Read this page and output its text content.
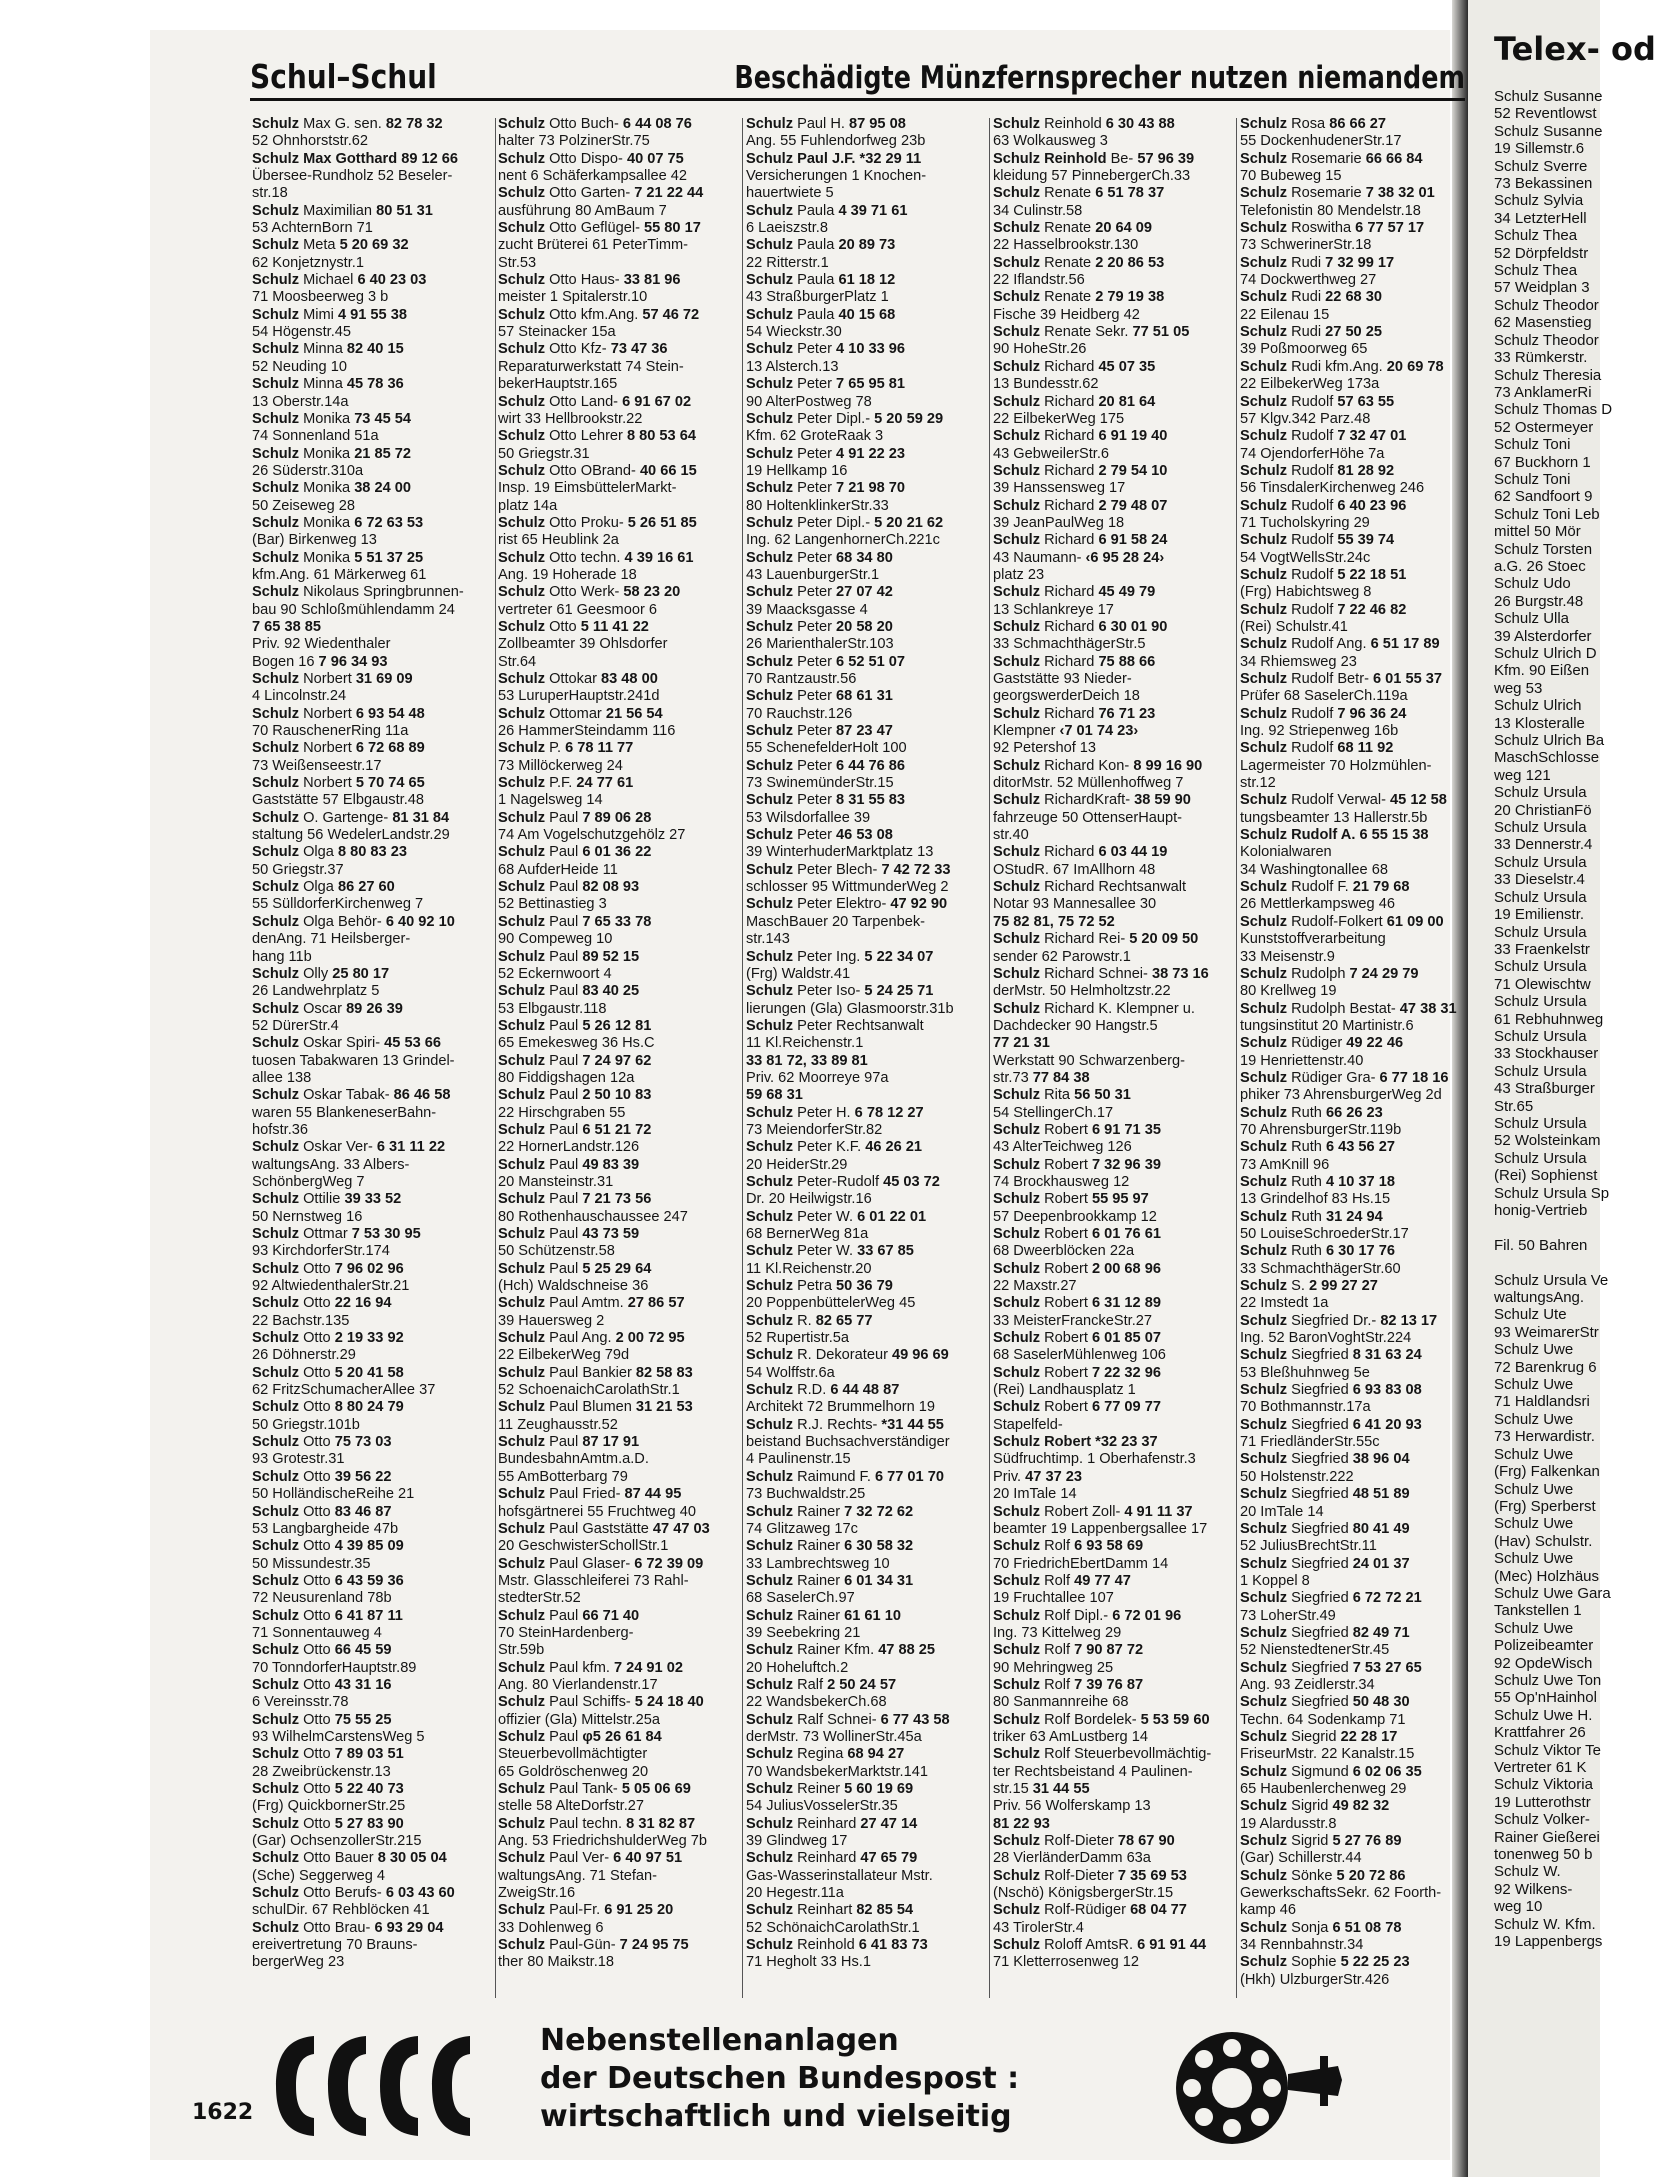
Telex- od
Schulz Susanne
52 Reventlowst
Schulz Susanne
19 Sillemstr.6
Schulz Sverre
73 Bekassinen
Schulz Sylvia
34 LetzterHell
Schulz Thea
52 Dörpfeldstr
Schulz Thea
57 Weidplan 3
Schulz Theodor
62 Masenstieg
Schulz Theodor
33 Rümkerstr.
Schulz Theresia
73 AnklamerRi
Schulz Thomas D
52 Ostermeyer
Schulz Toni
67 Buckhorn 1
Schulz Toni
62 Sandfoort 9
Schulz Toni Leb
mittel 50 Mör
Schulz Torsten
a.G. 26 Stoec
Schulz Udo
26 Burgstr.48
Schulz Ulla
39 Alsterdorfer
Schulz Ulrich D
Kfm. 90 Eißen
weg 53
Schulz Ulrich
13 Klosteralle
Schulz Ulrich Ba
MaschSchlosse
weg 121
Schulz Ursula
20 ChristianFö
Schulz Ursula
33 Dennerstr.4
Schulz Ursula
33 Dieselstr.4
Schulz Ursula
19 Emilienstr.
Schulz Ursula
33 Fraenkelstr
Schulz Ursula
71 Olewischtw
Schulz Ursula
61 Rebhuhnweg
Schulz Ursula
33 Stockhauser
Schulz Ursula
43 Straßburger
Str.65
Schulz Ursula
52 Wolsteinkam
Schulz Ursula
(Rei) Sophienst
Schulz Ursula Sp
honig-Vertrieb

Fil. 50 Bahren

Schulz Ursula Ve
waltungsAng.
Schulz Ute
93 WeimarerStr
Schulz Uwe
72 Barenkrug 6
Schulz Uwe
71 Haldlandsri
Schulz Uwe
73 Herwardistr.
Schulz Uwe
(Frg) Falkenkan
Schulz Uwe
(Frg) Sperberst
Schulz Uwe
(Hav) Schulstr.
Schulz Uwe
(Mec) Holzhäus
Schulz Uwe Gara
Tankstellen 1
Schulz Uwe
Polizeibeamter
92 OpdeWisch
Schulz Uwe Ton
55 Op'nHainhol
Schulz Uwe H.
Krattfahrer 26
Schulz Viktor Te
Vertreter 61 K
Schulz Viktoria
19 Lutterothstr
Schulz Volker-
Rainer Gießerei
tonenweg 50 b
Schulz W.
92 Wilkens-
weg 10
Schulz W. Kfm.
19 Lappenbergs
Schul–Schul	Beschädigte Münzfernsprecher nutzen niemandem
Schulz Max G. sen. 82 78 32
52 Ohnhorststr.62
Schulz Max Gotthard 89 12 66
Übersee-Rundholz 52 Beseler-
str.18
Schulz Maximilian 80 51 31
53 AchternBorn 71
Schulz Meta 5 20 69 32
62 Konjetznystr.1
Schulz Michael 6 40 23 03
71 Moosbeerweg 3 b
Schulz Mimi 4 91 55 38
54 Högenstr.45
Schulz Minna 82 40 15
52 Neuding 10
Schulz Minna 45 78 36
13 Oberstr.14a
Schulz Monika 73 45 54
74 Sonnenland 51a
Schulz Monika 21 85 72
26 Süderstr.310a
Schulz Monika 38 24 00
50 Zeiseweg 28
Schulz Monika 6 72 63 53
(Bar) Birkenweg 13
Schulz Monika 5 51 37 25
kfm.Ang. 61 Märkerweg 61
Schulz Nikolaus Springbrunnen-
bau 90 Schloßmühlendamm 24
7 65 38 85
Priv. 92 Wiedenthaler
Bogen 16 7 96 34 93
Schulz Norbert 31 69 09
4 Lincolnstr.24
Schulz Norbert 6 93 54 48
70 RauschenerRing 11a
Schulz Norbert 6 72 68 89
73 Weißenseestr.17
Schulz Norbert 5 70 74 65
Gaststätte 57 Elbgaustr.48
Schulz O. Gartenge- 81 31 84
staltung 56 WedelerLandstr.29
Schulz Olga 8 80 83 23
50 Griegstr.37
Schulz Olga 86 27 60
55 SülldorferKirchenweg 7
Schulz Olga Behör- 6 40 92 10
denAng. 71 Heilsberger-
hang 11b
Schulz Olly 25 80 17
26 Landwehrplatz 5
Schulz Oscar 89 26 39
52 DürerStr.4
Schulz Oskar Spiri- 45 53 66
tuosen Tabakwaren 13 Grindel-
allee 138
Schulz Oskar Tabak- 86 46 58
waren 55 BlankeneserBahn-
hofstr.36
Schulz Oskar Ver- 6 31 11 22
waltungsAng. 33 Albers-
SchönbergWeg 7
Schulz Ottilie 39 33 52
50 Nernstweg 16
Schulz Ottmar 7 53 30 95
93 KirchdorferStr.174
Schulz Otto 7 96 02 96
92 AltwiedenthalerStr.21
Schulz Otto 22 16 94
22 Bachstr.135
Schulz Otto 2 19 33 92
26 Döhnerstr.29
Schulz Otto 5 20 41 58
62 FritzSchumacherAllee 37
Schulz Otto 8 80 24 79
50 Griegstr.101b
Schulz Otto 75 73 03
93 Grotestr.31
Schulz Otto 39 56 22
50 HolländischeReihe 21
Schulz Otto 83 46 87
53 Langbargheide 47b
Schulz Otto 4 39 85 09
50 Missundestr.35
Schulz Otto 6 43 59 36
72 Neusurenland 78b
Schulz Otto 6 41 87 11
71 Sonnentauweg 4
Schulz Otto 66 45 59
70 TonndorferHauptstr.89
Schulz Otto 43 31 16
6 Vereinsstr.78
Schulz Otto 75 55 25
93 WilhelmCarstensWeg 5
Schulz Otto 7 89 03 51
28 Zweibrückenstr.13
Schulz Otto 5 22 40 73
(Frg) QuickbornerStr.25
Schulz Otto 5 27 83 90
(Gar) OchsenzollerStr.215
Schulz Otto Bauer 8 30 05 04
(Sche) Seggerweg 4
Schulz Otto Berufs- 6 03 43 60
schulDir. 67 Rehblöcken 41
Schulz Otto Brau- 6 93 29 04
ereivertretung 70 Brauns-
bergerWeg 23
Schulz Otto Buch- 6 44 08 76
halter 73 PolzinerStr.75
Schulz Otto Dispo- 40 07 75
nent 6 Schäferkampsallee 42
Schulz Otto Garten- 7 21 22 44
ausführung 80 AmBaum 7
Schulz Otto Geflügel- 55 80 17
zucht Brüterei 61 PeterTimm-
Str.53
Schulz Otto Haus- 33 81 96
meister 1 Spitalerstr.10
Schulz Otto kfm.Ang. 57 46 72
57 Steinacker 15a
Schulz Otto Kfz- 73 47 36
Reparaturwerkstatt 74 Stein-
bekerHauptstr.165
Schulz Otto Land- 6 91 67 02
wirt 33 Hellbrookstr.22
Schulz Otto Lehrer 8 80 53 64
50 Griegstr.31
Schulz Otto OBrand- 40 66 15
Insp. 19 EimsbüttelerMarkt-
platz 14a
Schulz Otto Proku- 5 26 51 85
rist 65 Heublink 2a
Schulz Otto techn. 4 39 16 61
Ang. 19 Hoherade 18
Schulz Otto Werk- 58 23 20
vertreter 61 Geesmoor 6
Schulz Otto 5 11 41 22
Zollbeamter 39 Ohlsdorfer
Str.64
Schulz Ottokar 83 48 00
53 LuruperHauptstr.241d
Schulz Ottomar 21 56 54
26 HammerSteindamm 116
Schulz P. 6 78 11 77
73 Millöckerweg 24
Schulz P.F. 24 77 61
1 Nagelsweg 14
Schulz Paul 7 89 06 28
74 Am Vogelschutzgehölz 27
Schulz Paul 6 01 36 22
68 AufderHeide 11
Schulz Paul 82 08 93
52 Bettinastieg 3
Schulz Paul 7 65 33 78
90 Compeweg 10
Schulz Paul 89 52 15
52 Eckernwoort 4
Schulz Paul 83 40 25
53 Elbgaustr.118
Schulz Paul 5 26 12 81
65 Emekesweg 36 Hs.C
Schulz Paul 7 24 97 62
80 Fiddigshagen 12a
Schulz Paul 2 50 10 83
22 Hirschgraben 55
Schulz Paul 6 51 21 72
22 HornerLandstr.126
Schulz Paul 49 83 39
20 Mansteinstr.31
Schulz Paul 7 21 73 56
80 Rothenhauschaussee 247
Schulz Paul 43 73 59
50 Schützenstr.58
Schulz Paul 5 25 29 64
(Hch) Waldschneise 36
Schulz Paul Amtm. 27 86 57
39 Hauersweg 2
Schulz Paul Ang. 2 00 72 95
22 EilbekerWeg 79d
Schulz Paul Bankier 82 58 83
52 SchoenaichCarolathStr.1
Schulz Paul Blumen 31 21 53
11 Zeughausstr.52
Schulz Paul 87 17 91
BundesbahnAmtm.a.D.
55 AmBotterbarg 79
Schulz Paul Fried- 87 44 95
hofsgärtnerei 55 Fruchtweg 40
Schulz Paul Gaststätte 47 47 03
20 GeschwisterSchollStr.1
Schulz Paul Glaser- 6 72 39 09
Mstr. Glasschleiferei 73 Rahl-
stedterStr.52
Schulz Paul 66 71 40
70 SteinHardenberg-
Str.59b
Schulz Paul kfm. 7 24 91 02
Ang. 80 Vierlandenstr.17
Schulz Paul Schiffs- 5 24 18 40
offizier (Gla) Mittelstr.25a
Schulz Paul φ5 26 61 84
Steuerbevollmächtigter
65 Goldröschenweg 20
Schulz Paul Tank- 5 05 06 69
stelle 58 AlteDorfstr.27
Schulz Paul techn. 8 31 82 87
Ang. 53 FriedrichshulderWeg 7b
Schulz Paul Ver- 6 40 97 51
waltungsAng. 71 Stefan-
ZweigStr.16
Schulz Paul-Fr. 6 91 25 20
33 Dohlenweg 6
Schulz Paul-Gün- 7 24 95 75
ther 80 Maikstr.18
Schulz Paul H. 87 95 08
Ang. 55 Fuhlendorfweg 23b
Schulz Paul J.F. *32 29 11
Versicherungen 1 Knochen-
hauertwiete 5
Schulz Paula 4 39 71 61
6 Laeiszstr.8
Schulz Paula 20 89 73
22 Ritterstr.1
Schulz Paula 61 18 12
43 StraßburgerPlatz 1
Schulz Paula 40 15 68
54 Wieckstr.30
Schulz Peter 4 10 33 96
13 Alsterch.13
Schulz Peter 7 65 95 81
90 AlterPostweg 78
Schulz Peter Dipl.- 5 20 59 29
Kfm. 62 GroteRaak 3
Schulz Peter 4 91 22 23
19 Hellkamp 16
Schulz Peter 7 21 98 70
80 HoltenklinkerStr.33
Schulz Peter Dipl.- 5 20 21 62
Ing. 62 LangenhornerCh.221c
Schulz Peter 68 34 80
43 LauenburgerStr.1
Schulz Peter 27 07 42
39 Maacksgasse 4
Schulz Peter 20 58 20
26 MarienthalerStr.103
Schulz Peter 6 52 51 07
70 Rantzaustr.56
Schulz Peter 68 61 31
70 Rauchstr.126
Schulz Peter 87 23 47
55 SchenefelderHolt 100
Schulz Peter 6 44 76 86
73 SwinemünderStr.15
Schulz Peter 8 31 55 83
53 Wilsdorfallee 39
Schulz Peter 46 53 08
39 WinterhuderMarktplatz 13
Schulz Peter Blech- 7 42 72 33
schlosser 95 WittmunderWeg 2
Schulz Peter Elektro- 47 92 90
MaschBauer 20 Tarpenbek-
str.143
Schulz Peter Ing. 5 22 34 07
(Frg) Waldstr.41
Schulz Peter Iso- 5 24 25 71
lierungen (Gla) Glasmoorstr.31b
Schulz Peter Rechtsanwalt
11 Kl.Reichenstr.1
33 81 72, 33 89 81
Priv. 62 Moorreye 97a
59 68 31
Schulz Peter H. 6 78 12 27
73 MeiendorferStr.82
Schulz Peter K.F. 46 26 21
20 HeiderStr.29
Schulz Peter-Rudolf 45 03 72
Dr. 20 Heilwigstr.16
Schulz Peter W. 6 01 22 01
68 BernerWeg 81a
Schulz Peter W. 33 67 85
11 Kl.Reichenstr.20
Schulz Petra 50 36 79
20 PoppenbüttelerWeg 45
Schulz R. 82 65 77
52 Rupertistr.5a
Schulz R. Dekorateur 49 96 69
54 Wolffstr.6a
Schulz R.D. 6 44 48 87
Architekt 72 Brummelhorn 19
Schulz R.J. Rechts- *31 44 55
beistand Buchsachverständiger
4 Paulinenstr.15
Schulz Raimund F. 6 77 01 70
73 Buchwaldstr.25
Schulz Rainer 7 32 72 62
74 Glitzaweg 17c
Schulz Rainer 6 30 58 32
33 Lambrechtsweg 10
Schulz Rainer 6 01 34 31
68 SaselerCh.97
Schulz Rainer 61 61 10
39 Seebekring 21
Schulz Rainer Kfm. 47 88 25
20 Hoheluftch.2
Schulz Ralf 2 50 24 57
22 WandsbekerCh.68
Schulz Ralf Schnei- 6 77 43 58
derMstr. 73 WollinerStr.45a
Schulz Regina 68 94 27
70 WandsbekerMarktstr.141
Schulz Reiner 5 60 19 69
54 JuliusVosselerStr.35
Schulz Reinhard 27 47 14
39 Glindweg 17
Schulz Reinhard 47 65 79
Gas-Wasserinstallateur Mstr.
20 Hegestr.11a
Schulz Reinhart 82 85 54
52 SchönaichCarolathStr.1
Schulz Reinhold 6 41 83 73
71 Hegholt 33 Hs.1
Schulz Reinhold 6 30 43 88
63 Wolkausweg 3
Schulz Reinhold Be- 57 96 39
kleidung 57 PinnebergerCh.33
Schulz Renate 6 51 78 37
34 Culinstr.58
Schulz Renate 20 64 09
22 Hasselbrookstr.130
Schulz Renate 2 20 86 53
22 Iflandstr.56
Schulz Renate 2 79 19 38
Fische 39 Heidberg 42
Schulz Renate Sekr. 77 51 05
90 HoheStr.26
Schulz Richard 45 07 35
13 Bundesstr.62
Schulz Richard 20 81 64
22 EilbekerWeg 175
Schulz Richard 6 91 19 40
43 GebweilerStr.6
Schulz Richard 2 79 54 10
39 Hanssensweg 17
Schulz Richard 2 79 48 07
39 JeanPaulWeg 18
Schulz Richard 6 91 58 24
43 Naumann- ‹6 95 28 24›
platz 23
Schulz Richard 45 49 79
13 Schlankreye 17
Schulz Richard 6 30 01 90
33 SchmachthägerStr.5
Schulz Richard 75 88 66
Gaststätte 93 Nieder-
georgswerderDeich 18
Schulz Richard 76 71 23
Klempner ‹7 01 74 23›
92 Petershof 13
Schulz Richard Kon- 8 99 16 90
ditorMstr. 52 Müllenhoffweg 7
Schulz RichardKraft- 38 59 90
fahrzeuge 50 OttenserHaupt-
str.40
Schulz Richard 6 03 44 19
OStudR. 67 ImAllhorn 48
Schulz Richard Rechtsanwalt
Notar 93 Mannesallee 30
75 82 81, 75 72 52
Schulz Richard Rei- 5 20 09 50
sender 62 Parowstr.1
Schulz Richard Schnei- 38 73 16
derMstr. 50 Helmholtzstr.22
Schulz Richard K. Klempner u.
Dachdecker 90 Hangstr.5
77 21 31
Werkstatt 90 Schwarzenberg-
str.73 77 84 38
Schulz Rita 56 50 31
54 StellingerCh.17
Schulz Robert 6 91 71 35
43 AlterTeichweg 126
Schulz Robert 7 32 96 39
74 Brockhausweg 12
Schulz Robert 55 95 97
57 Deepenbrookkamp 12
Schulz Robert 6 01 76 61
68 Dweerblöcken 22a
Schulz Robert 2 00 68 96
22 Maxstr.27
Schulz Robert 6 31 12 89
33 MeisterFranckeStr.27
Schulz Robert 6 01 85 07
68 SaselerMühlenweg 106
Schulz Robert 7 22 32 96
(Rei) Landhausplatz 1
Schulz Robert 6 77 09 77
Stapelfeld-
Schulz Robert *32 23 37
Südfruchtimp. 1 Oberhafenstr.3
Priv. 47 37 23
20 ImTale 14
Schulz Robert Zoll- 4 91 11 37
beamter 19 Lappenbergsallee 17
Schulz Rolf 6 93 58 69
70 FriedrichEbertDamm 14
Schulz Rolf 49 77 47
19 Fruchtallee 107
Schulz Rolf Dipl.- 6 72 01 96
Ing. 73 Kittelweg 29
Schulz Rolf 7 90 87 72
90 Mehringweg 25
Schulz Rolf 7 39 76 87
80 Sanmannreihe 68
Schulz Rolf Bordelek- 5 53 59 60
triker 63 AmLustberg 14
Schulz Rolf Steuerbevollmächtig-
ter Rechtsbeistand 4 Paulinen-
str.15 31 44 55
Priv. 56 Wolferskamp 13
81 22 93
Schulz Rolf-Dieter 78 67 90
28 VierländerDamm 63a
Schulz Rolf-Dieter 7 35 69 53
(Nschö) KönigsbergerStr.15
Schulz Rolf-Rüdiger 68 04 77
43 TirolerStr.4
Schulz Roloff AmtsR. 6 91 91 44
71 Kletterrosenweg 12
Schulz Rosa 86 66 27
55 DockenhudenerStr.17
Schulz Rosemarie 66 66 84
70 Bubeweg 15
Schulz Rosemarie 7 38 32 01
Telefonistin 80 Mendelstr.18
Schulz Roswitha 6 77 57 17
73 SchwerinerStr.18
Schulz Rudi 7 32 99 17
74 Dockwerthweg 27
Schulz Rudi 22 68 30
22 Eilenau 15
Schulz Rudi 27 50 25
39 Poßmoorweg 65
Schulz Rudi kfm.Ang. 20 69 78
22 EilbekerWeg 173a
Schulz Rudolf 57 63 55
57 Klgv.342 Parz.48
Schulz Rudolf 7 32 47 01
74 OjendorferHöhe 7a
Schulz Rudolf 81 28 92
56 TinsdalerKirchenweg 246
Schulz Rudolf 6 40 23 96
71 Tucholskyring 29
Schulz Rudolf 55 39 74
54 VogtWellsStr.24c
Schulz Rudolf 5 22 18 51
(Frg) Habichtsweg 8
Schulz Rudolf 7 22 46 82
(Rei) Schulstr.41
Schulz Rudolf Ang. 6 51 17 89
34 Rhiemsweg 23
Schulz Rudolf Betr- 6 01 55 37
Prüfer 68 SaselerCh.119a
Schulz Rudolf 7 96 36 24
Ing. 92 Striepenweg 16b
Schulz Rudolf 68 11 92
Lagermeister 70 Holzmühlen-
str.12
Schulz Rudolf Verwal- 45 12 58
tungsbeamter 13 Hallerstr.5b
Schulz Rudolf A. 6 55 15 38
Kolonialwaren
34 Washingtonallee 68
Schulz Rudolf F. 21 79 68
26 Mettlerkampsweg 46
Schulz Rudolf-Folkert 61 09 00
Kunststoffverarbeitung
33 Meisenstr.9
Schulz Rudolph 7 24 29 79
80 Krellweg 19
Schulz Rudolph Bestat- 47 38 31
tungsinstitut 20 Martinistr.6
Schulz Rüdiger 49 22 46
19 Henriettenstr.40
Schulz Rüdiger Gra- 6 77 18 16
phiker 73 AhrensburgerWeg 2d
Schulz Ruth 66 26 23
70 AhrensburgerStr.119b
Schulz Ruth 6 43 56 27
73 AmKnill 96
Schulz Ruth 4 10 37 18
13 Grindelhof 83 Hs.15
Schulz Ruth 31 24 94
50 LouiseSchroederStr.17
Schulz Ruth 6 30 17 76
33 SchmachthägerStr.60
Schulz S. 2 99 27 27
22 Imstedt 1a
Schulz Siegfried Dr.- 82 13 17
Ing. 52 BaronVoghtStr.224
Schulz Siegfried 8 31 63 24
53 Bleßhuhnweg 5e
Schulz Siegfried 6 93 83 08
70 Bothmannstr.17a
Schulz Siegfried 6 41 20 93
71 FriedländerStr.55c
Schulz Siegfried 38 96 04
50 Holstenstr.222
Schulz Siegfried 48 51 89
20 ImTale 14
Schulz Siegfried 80 41 49
52 JuliusBrechtStr.11
Schulz Siegfried 24 01 37
1 Koppel 8
Schulz Siegfried 6 72 72 21
73 LoherStr.49
Schulz Siegfried 82 49 71
52 NienstedtenerStr.45
Schulz Siegfried 7 53 27 65
Ang. 93 Zeidlerstr.34
Schulz Siegfried 50 48 30
Techn. 64 Sodenkamp 71
Schulz Siegrid 22 28 17
FriseurMstr. 22 Kanalstr.15
Schulz Sigmund 6 02 06 35
65 Haubenlerchenweg 29
Schulz Sigrid 49 82 32
19 Alardusstr.8
Schulz Sigrid 5 27 76 89
(Gar) Schillerstr.44
Schulz Sönke 5 20 72 86
GewerkschaftsSekr. 62 Foorth-
kamp 46
Schulz Sonja 6 51 08 78
34 Rennbahnstr.34
Schulz Sophie 5 22 25 23
(Hkh) UlzburgerStr.426
1622
Nebenstellenanlagen
der Deutschen Bundespost :
wirtschaftlich und vielseitig
